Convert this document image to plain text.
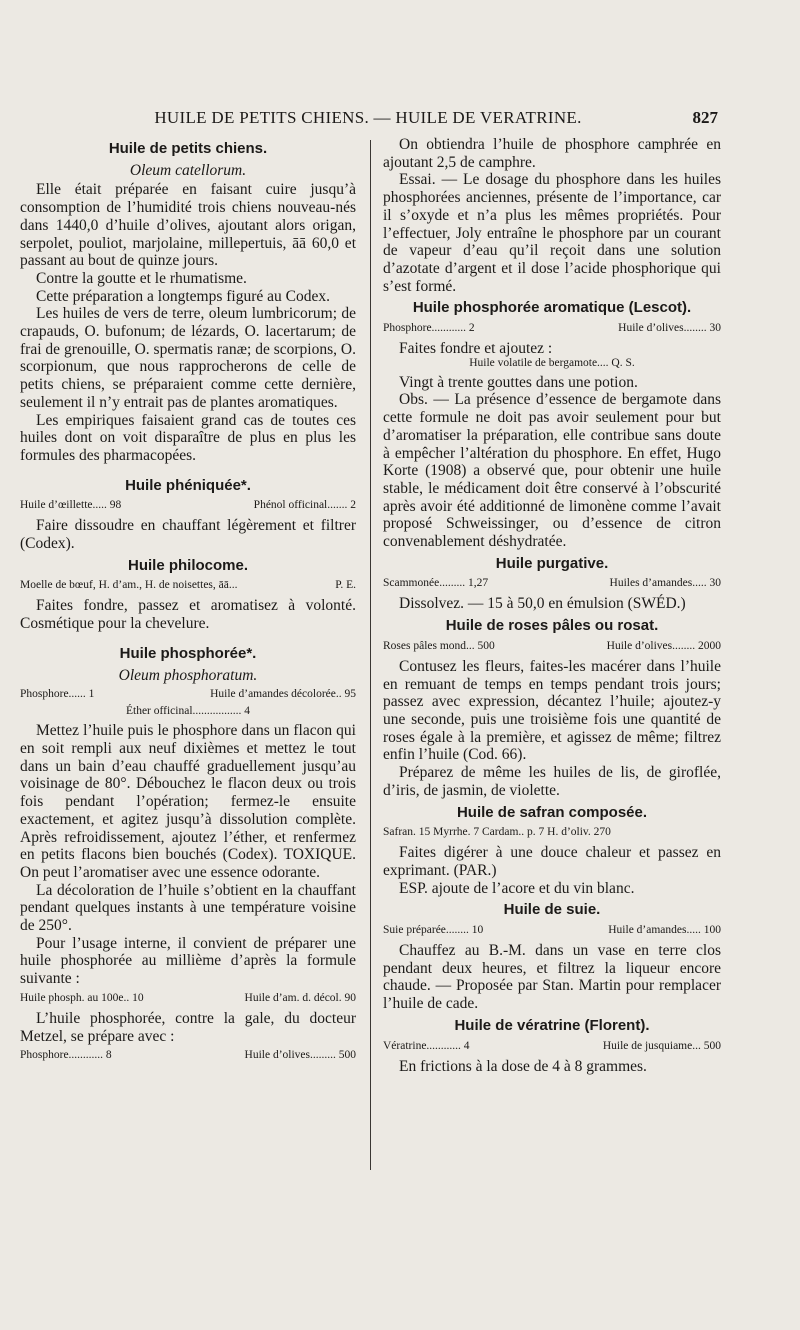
HUILE DE PETITS CHIENS. — HUILE DE VERATRINE.	827
Huile de petits chiens.
Oleum catellorum.

Elle était préparée en faisant cuire jusqu’à consomption de l’humidité trois chiens nouveau-nés dans 1440,0 d’huile d’olives, ajoutant alors origan, serpolet, pouliot, marjolaine, millepertuis, āā 60,0 et passant au bout de quinze jours.

Contre la goutte et le rhumatisme.

Cette préparation a longtemps figuré au Codex.

Les huiles de vers de terre, oleum lumbricorum; de crapauds, O. bufonum; de lézards, O. lacertarum; de frai de grenouille, O. spermatis ranæ; de scorpions, O. scorpionum, que nous rapprocherons de celle de petits chiens, se préparaient comme cette dernière, seulement il n’y entrait pas de plantes aromatiques.

Les empiriques faisaient grand cas de toutes ces huiles dont on voit disparaître de plus en plus les formules des pharmacopées.

Huile phéniquée*.
Huile d’œillette..... 98	Phénol officinal....... 2

Faire dissoudre en chauffant légèrement et filtrer (Codex).

Huile philocome.
Moelle de bœuf, H. d’am., H. de noisettes, āā...	P. E.

Faites fondre, passez et aromatisez à volonté. Cosmétique pour la chevelure.

Huile phosphorée*.
Oleum phosphoratum.
Phosphore...... 1	Huile d’amandes décolorée.. 95
Éther officinal................. 4

Mettez l’huile puis le phosphore dans un flacon qui en soit rempli aux neuf dixièmes et mettez le tout dans un bain d’eau chauffé graduellement jusqu’au voisinage de 80°. Débouchez le flacon deux ou trois fois pendant l’opération; fermez-le ensuite exactement, et agitez jusqu’à dissolution complète. Après refroidissement, ajoutez l’éther, et renfermez en petits flacons bien bouchés (Codex). TOXIQUE. On peut l’aromatiser avec une essence odorante.

La décoloration de l’huile s’obtient en la chauffant pendant quelques instants à une température voisine de 250°.

Pour l’usage interne, il convient de préparer une huile phosphorée au millième d’après la formule suivante :

Huile phosph. au 100e.. 10	Huile d’am. d. décol. 90

L’huile phosphorée, contre la gale, du docteur Metzel, se prépare avec :

Phosphore............ 8	Huile d’olives......... 500

On obtiendra l’huile de phosphore camphrée en ajoutant 2,5 de camphre.

Essai. — Le dosage du phosphore dans les huiles phosphorées anciennes, présente de l’importance, car il s’oxyde et n’a plus les mêmes propriétés. Pour l’effectuer, Joly entraîne le phosphore par un courant de vapeur d’eau qu’il reçoit dans une solution d’azotate d’argent et il dose l’acide phosphorique qui s’est formé.

Huile phosphorée aromatique (Lescot).
Phosphore............ 2	Huile d’olives........ 30

Faites fondre et ajoutez :

Huile volatile de bergamote.... Q. S.

Vingt à trente gouttes dans une potion.

Obs. — La présence d’essence de bergamote dans cette formule ne doit pas avoir seulement pour but d’aromatiser la préparation, elle contribue sans doute à empêcher l’altération du phosphore. En effet, Hugo Korte (1908) a observé que, pour obtenir une huile stable, le médicament doit être conservé à l’obscurité après avoir été additionné de limonène comme l’avait proposé Schweissinger, ou d’essence de citron convenablement déshydratée.

Huile purgative.
Scammonée......... 1,27	Huiles d’amandes..... 30

Dissolvez. — 15 à 50,0 en émulsion (SWÉD.)

Huile de roses pâles ou rosat.
Roses pâles mond... 500	Huile d’olives........ 2000

Contusez les fleurs, faites-les macérer dans l’huile en remuant de temps en temps pendant trois jours; passez avec expression, décantez l’huile; ajoutez-y une seconde, puis une troisième fois une quantité de roses égale à la première, et agissez de même; filtrez enfin l’huile (Cod. 66).

Préparez de même les huiles de lis, de giroflée, d’iris, de jasmin, de violette.

Huile de safran composée.
Safran. 15 Myrrhe. 7 Cardam.. p. 7 H. d’oliv. 270

Faites digérer à une douce chaleur et passez en exprimant. (PAR.)

ESP. ajoute de l’acore et du vin blanc.

Huile de suie.
Suie préparée........ 10	Huile d’amandes..... 100

Chauffez au B.-M. dans un vase en terre clos pendant deux heures, et filtrez la liqueur encore chaude. — Proposée par Stan. Martin pour remplacer l’huile de cade.

Huile de vératrine (Florent).
Vératrine............ 4	Huile de jusquiame... 500

En frictions à la dose de 4 à 8 grammes.
